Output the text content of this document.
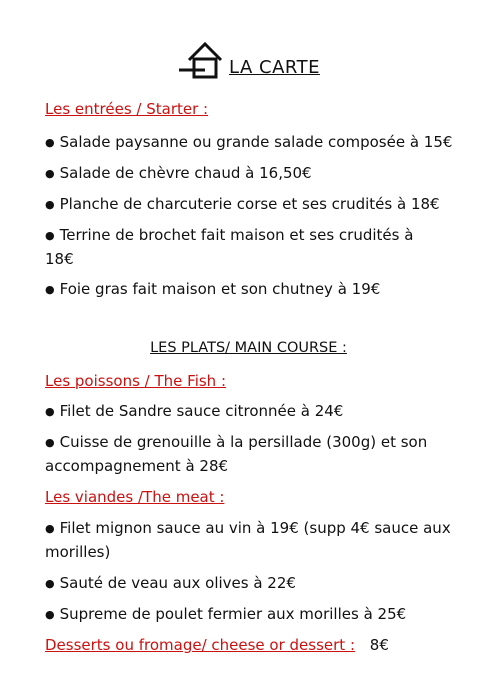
LA CARTE
Les entrées / Starter :
● Salade paysanne ou grande salade composée à 15€
● Salade de chèvre chaud à 16,50€
● Planche de charcuterie corse et ses crudités à 18€
● Terrine de brochet fait maison et ses crudités à 18€
● Foie gras fait maison et son chutney à 19€
LES PLATS/ MAIN COURSE :
Les poissons / The Fish :
● Filet de Sandre sauce citronnée à 24€
● Cuisse de grenouille à la persillade (300g) et son accompagnement à 28€
Les viandes /The meat :
● Filet mignon sauce au vin à 19€ (supp 4€ sauce aux morilles)
● Sauté de veau aux olives à 22€
● Supreme de poulet fermier aux morilles à 25€
Desserts ou fromage/ cheese or dessert : 8€
